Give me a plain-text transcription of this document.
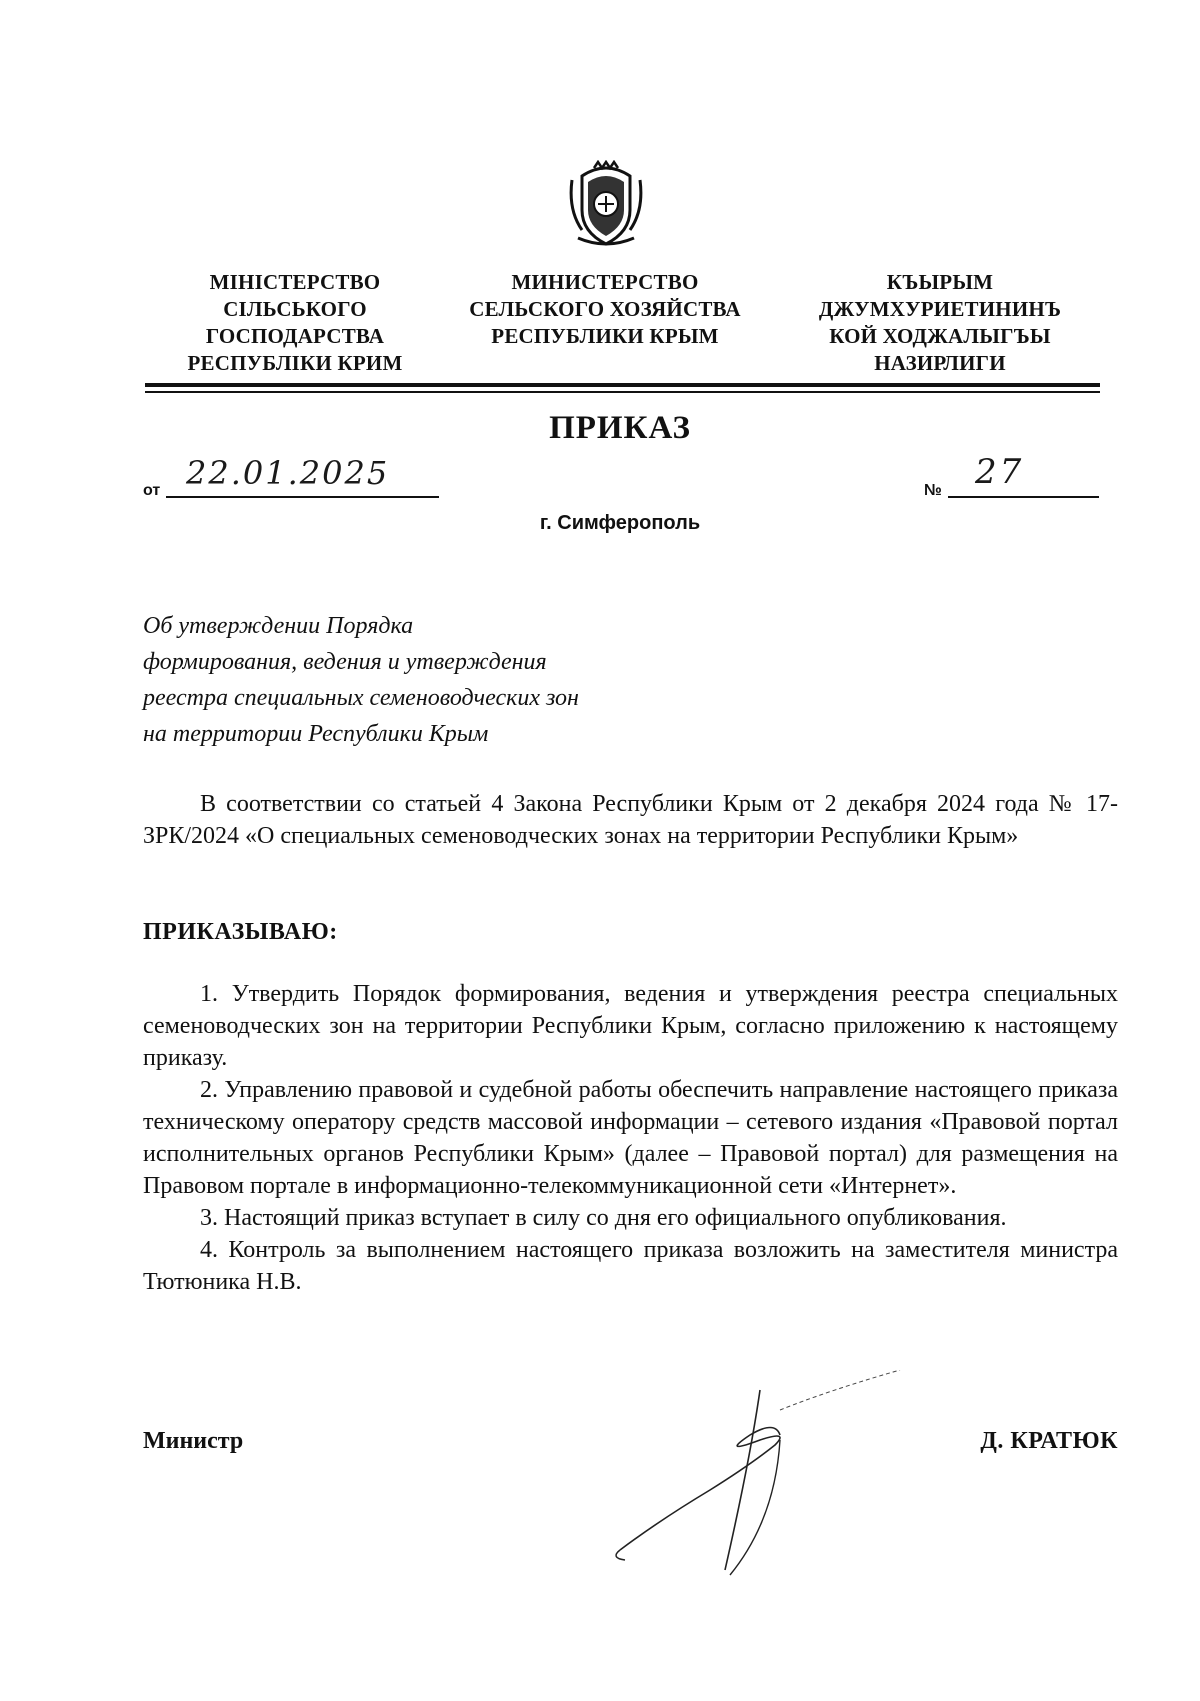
МІНІСТЕРСТВО
СІЛЬСЬКОГО
ГОСПОДАРСТВА
РЕСПУБЛІКИ КРИМ
МИНИСТЕРСТВО
СЕЛЬСКОГО ХОЗЯЙСТВА
РЕСПУБЛИКИ КРЫМ
КЪЫРЫМ
ДЖУМХУРИЕТИНИНЪ
КОЙ ХОДЖАЛЫГЪЫ
НАЗИРЛИГИ
ПРИКАЗ
от 22.01.2025	№ 27
г. Симферополь
Об утверждении Порядка
формирования, ведения и утверждения
реестра специальных семеноводческих зон
на территории Республики Крым
В соответствии со статьей 4 Закона Республики Крым от 2 декабря 2024 года № 17-ЗРК/2024 «О специальных семеноводческих зонах на территории Республики Крым»
ПРИКАЗЫВАЮ:
1. Утвердить Порядок формирования, ведения и утверждения реестра специальных семеноводческих зон на территории Республики Крым, согласно приложению к настоящему приказу.
2. Управлению правовой и судебной работы обеспечить направление настоящего приказа техническому оператору средств массовой информации – сетевого издания «Правовой портал исполнительных органов Республики Крым» (далее – Правовой портал) для размещения на Правовом портале в информационно-телекоммуникационной сети «Интернет».
3. Настоящий приказ вступает в силу со дня его официального опубликования.
4. Контроль за выполнением настоящего приказа возложить на заместителя министра Тютюника Н.В.
Министр	Д. КРАТЮК
